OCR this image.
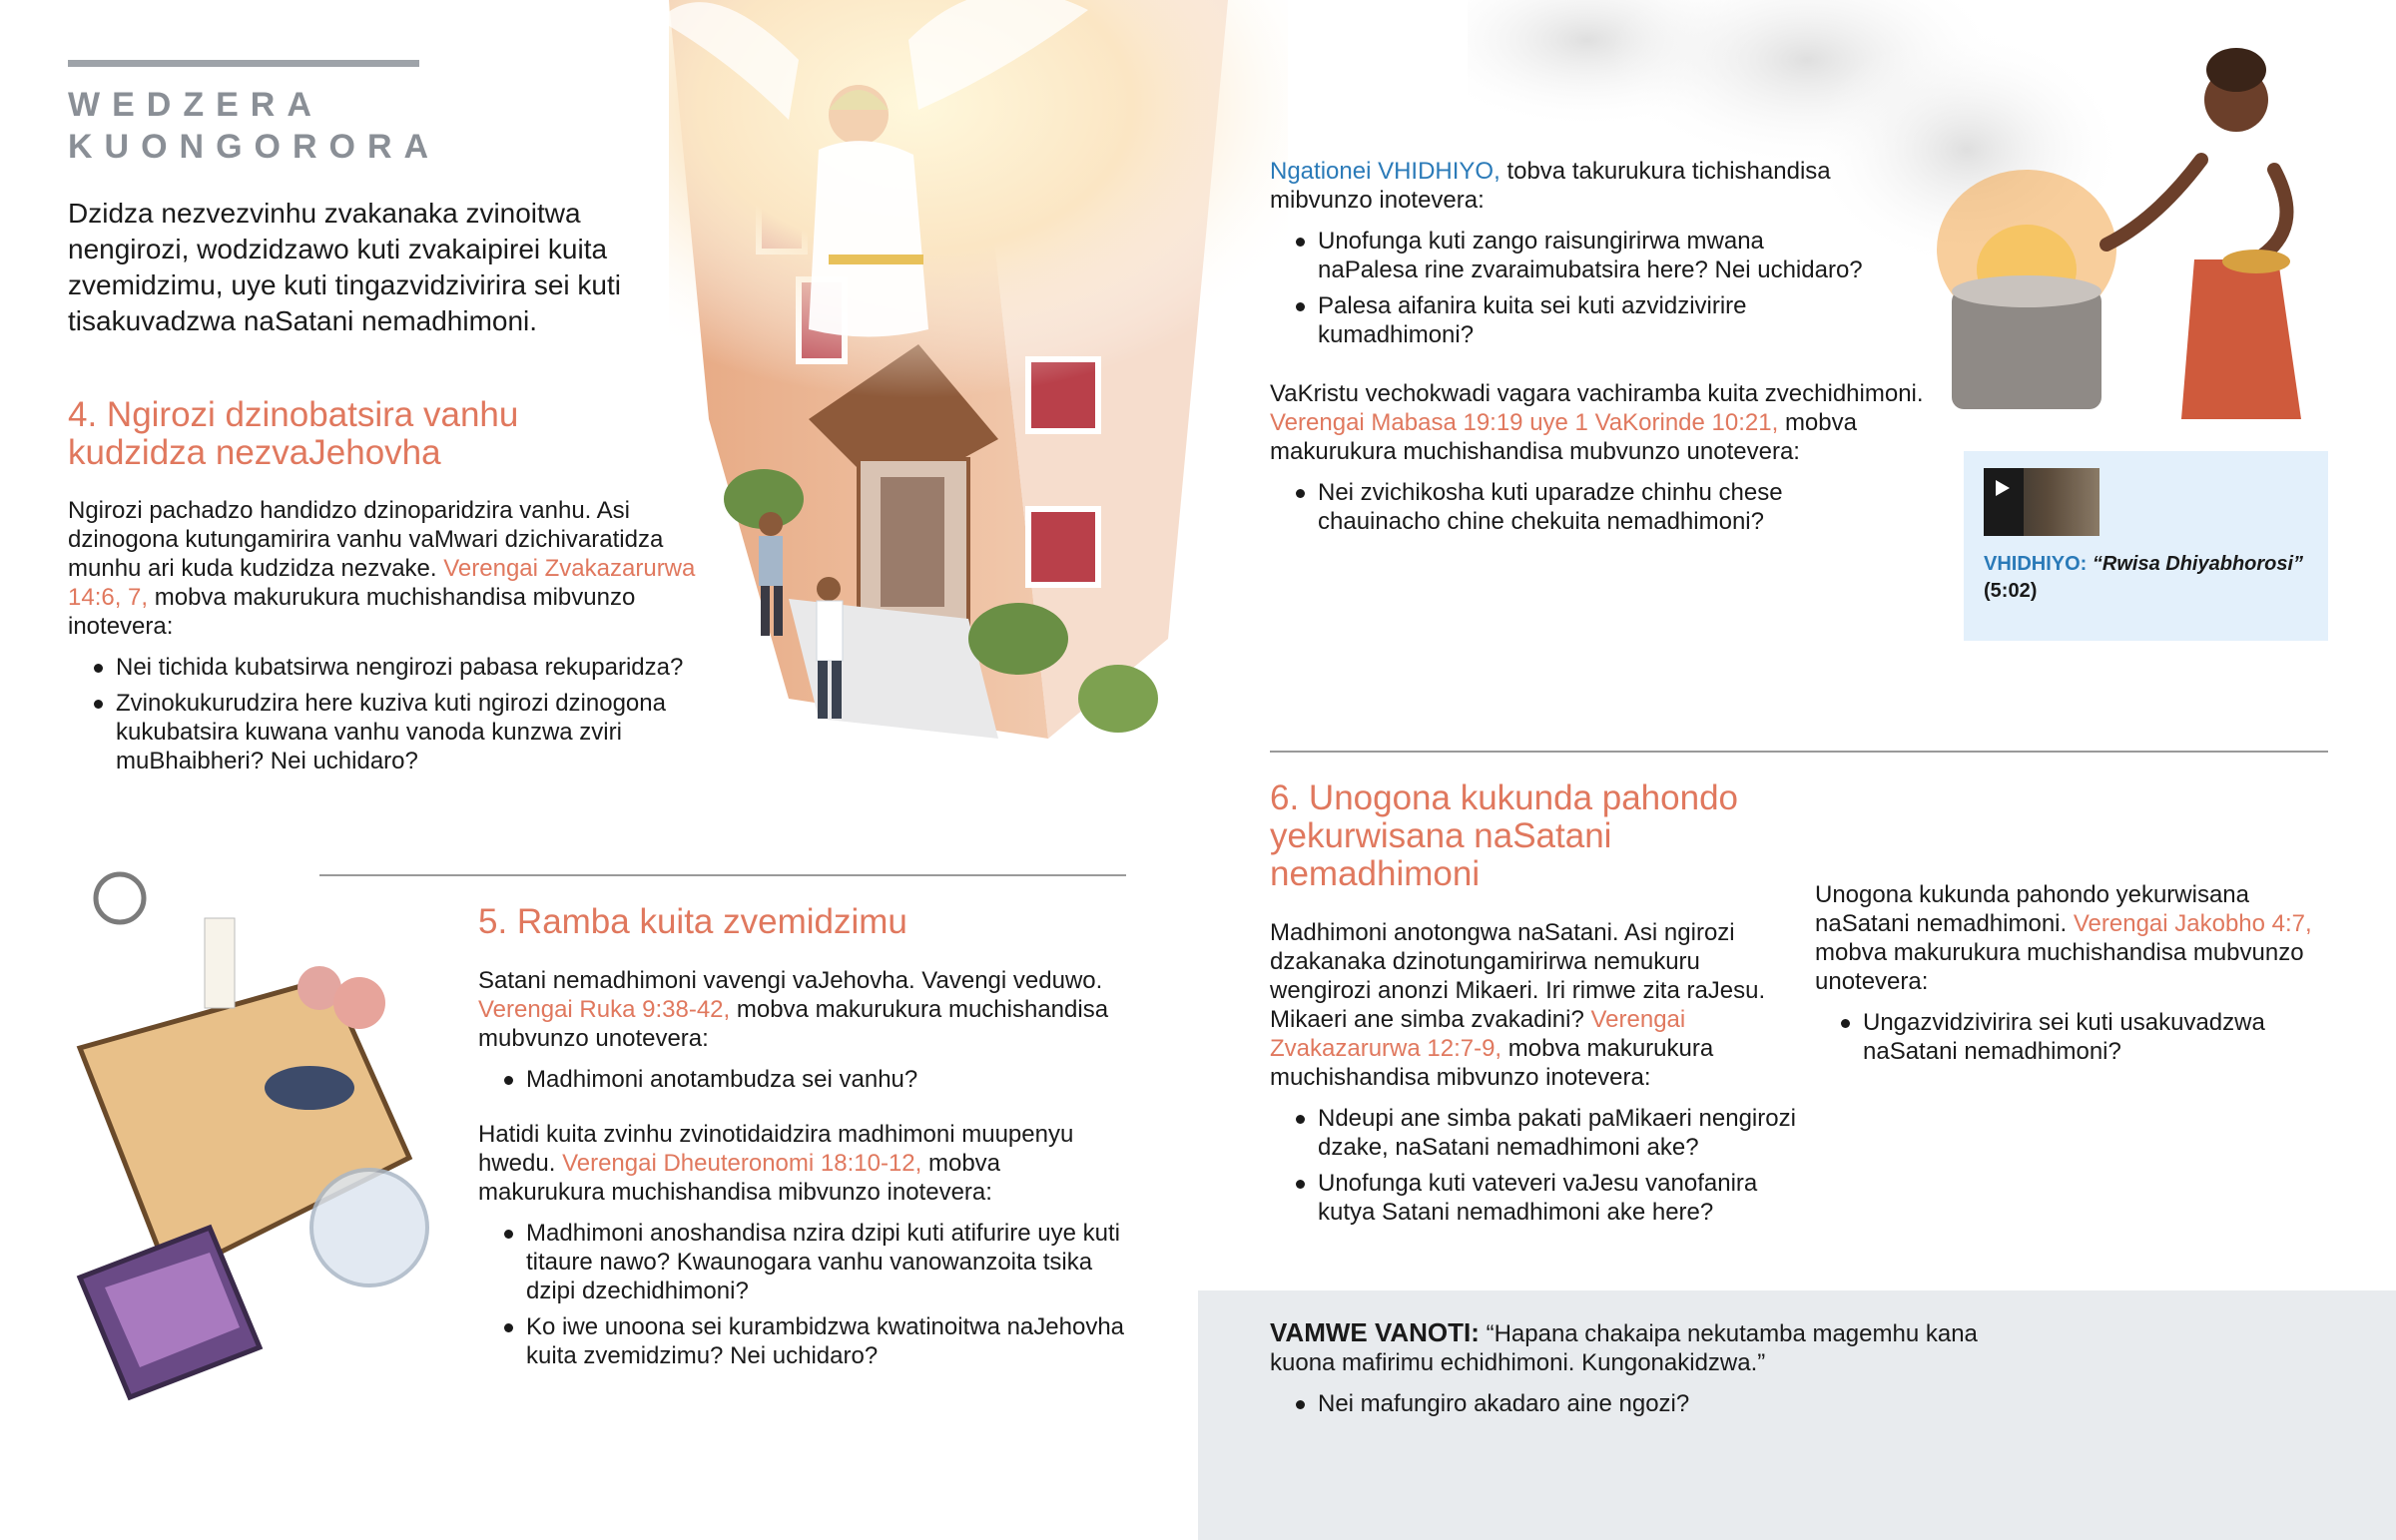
WEDZERA
KUONGORORA

Dzidza nezvezvinhu zvakanaka zvinoitwa nengirozi, wodzidzawo kuti zvakaipirei kuita zvemidzimu, uye kuti tingazvidzivirira sei kuti tisakuvadzwa naSatani nemadhimoni.

4. Ngirozi dzinobatsira vanhu
kudzidza nezvaJehovha

Ngirozi pachadzo handidzo dzinoparidzira vanhu. Asi dzinogona kutungamirira vanhu vaMwari dzichivaratidza munhu ari kuda kudzidza nezvake. Verengai Zvakazarurwa 14:6, 7, mobva makurukura muchishandisa mibvunzo inotevera:

Nei tichida kubatsirwa nengirozi pabasa rekuparidza?
Zvinokukurudzira here kuziva kuti ngirozi dzinogona kukubatsira kuwana vanhu vanoda kunzwa zviri muBhaibheri? Nei uchidaro?
5. Ramba kuita zvemidzimu

Satani nemadhimoni vavengi vaJehovha. Vavengi veduwo. Verengai Ruka 9:38-42, mobva makurukura muchishandisa mubvunzo unotevera:

Madhimoni anotambudza sei vanhu?

Hatidi kuita zvinhu zvinotidaidzira madhimoni muupenyu hwedu. Verengai Dheuteronomi 18:10-12, mobva makurukura muchishandisa mibvunzo inotevera:

Madhimoni anoshandisa nzira dzipi kuti atifurire uye kuti titaure nawo? Kwaunogara vanhu vanowanzoita tsika dzipi dzechidhimoni?
Ko iwe unoona sei kurambidzwa kwatinoitwa naJehovha kuita zvemidzimu? Nei uchidaro?

Ngationei VHIDHIYO, tobva takurukura tichishandisa mibvunzo inotevera:

Unofunga kuti zango raisungirirwa mwana naPalesa rine zvaraimubatsira here? Nei uchidaro?
Palesa aifanira kuita sei kuti azvidzivirire kumadhimoni?

VaKristu vechokwadi vagara vachiramba kuita zvechidhimoni. Verengai Mabasa 19:19 uye 1 VaKorinde 10:21, mobva makurukura muchishandisa mubvunzo unotevera:

Nei zvichikosha kuti uparadze chinhu chese chauinacho chine chekuita nemadhimoni?
VHIDHIYO: “Rwisa Dhiyabhorosi”
(5:02)
6. Unogona kukunda pahondo
yekurwisana naSatani
nemadhimoni

Madhimoni anotongwa naSatani. Asi ngirozi dzakanaka dzinotungamirirwa nemukuru wengirozi anonzi Mikaeri. Iri rimwe zita raJesu. Mikaeri ane simba zvakadini? Verengai Zvakazarurwa 12:7-9, mobva makurukura muchishandisa mibvunzo inotevera:

Ndeupi ane simba pakati paMikaeri nengirozi dzake, naSatani nemadhimoni ake?
Unofunga kuti vateveri vaJesu vanofanira kutya Satani nemadhimoni ake here?

Unogona kukunda pahondo yekurwisana naSatani nemadhimoni. Verengai Jakobho 4:7, mobva makurukura muchishandisa mubvunzo unotevera:

Ungazvidzivirira sei kuti usakuvadzwa naSatani nemadhimoni?

VAMWE VANOTI: “Hapana chakaipa nekutamba magemhu kana kuona mafirimu echidhimoni. Kungonakidzwa.”

Nei mafungiro akadaro aine ngozi?
